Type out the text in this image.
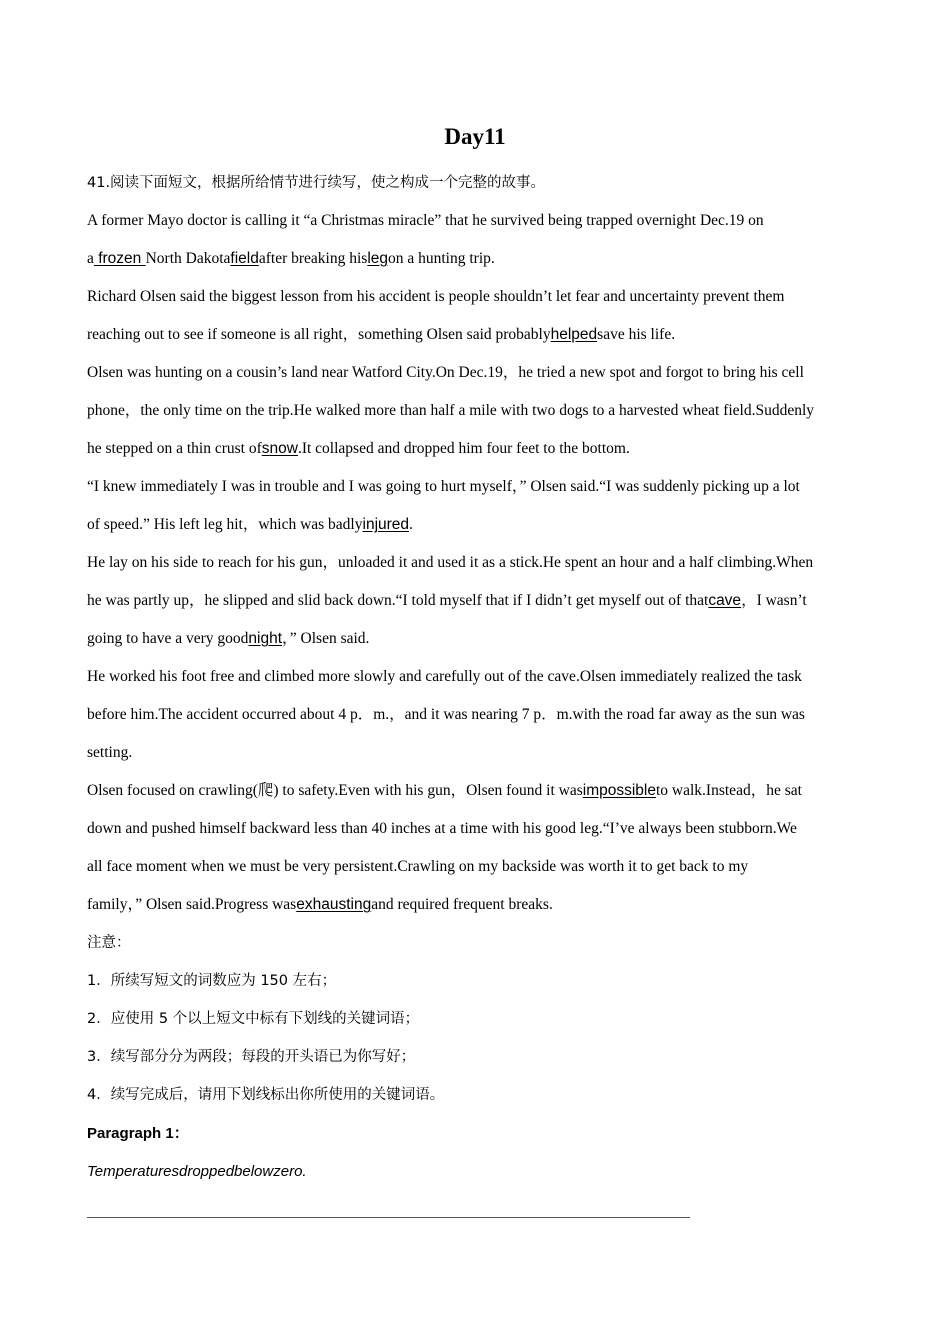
Day11
41.阅读下面短文，根据所给情节进行续写，使之构成一个完整的故事。
A former Mayo doctor is calling it “a Christmas miracle” that he survived being trapped overnight Dec.19 on
a frozen North Dakotafieldafter breaking hislegon a hunting trip.
Richard Olsen said the biggest lesson from his accident is people shouldn’t let fear and uncertainty prevent them
reaching out to see if someone is all right，something Olsen said probablyhelpedsave his life.
Olsen was hunting on a cousin’s land near Watford City.On Dec.19，he tried a new spot and forgot to bring his cell
phone，the only time on the trip.He walked more than half a mile with two dogs to a harvested wheat field.Suddenly
he stepped on a thin crust ofsnow.It collapsed and dropped him four feet to the bottom.
“I knew immediately I was in trouble and I was going to hurt myself，” Olsen said.“I was suddenly picking up a lot
of speed.” His left leg hit，which was badlyinjured.
He lay on his side to reach for his gun，unloaded it and used it as a stick.He spent an hour and a half climbing.When
he was partly up，he slipped and slid back down.“I told myself that if I didn’t get myself out of thatcave，I wasn’t
going to have a very goodnight，” Olsen said.
He worked his foot free and climbed more slowly and carefully out of the cave.Olsen immediately realized the task
before him.The accident occurred about 4 p．m.，and it was nearing 7 p．m.with the road far away as the sun was
setting.
Olsen focused on crawling(爬) to safety.Even with his gun，Olsen found it wasimpossibleto walk.Instead，he sat
down and pushed himself backward less than 40 inches at a time with his good leg.“I’ve always been stubborn.We
all face moment when we must be very persistent.Crawling on my backside was worth it to get back to my
family，” Olsen said.Progress wasexhaustingand required frequent breaks.
注意：
1．所续写短文的词数应为 150 左右；
2．应使用 5 个以上短文中标有下划线的关键词语；
3．续写部分分为两段；每段的开头语已为你写好；
4．续写完成后，请用下划线标出你所使用的关键词语。
Paragraph 1：
Temperaturesdroppedbelowzero.
